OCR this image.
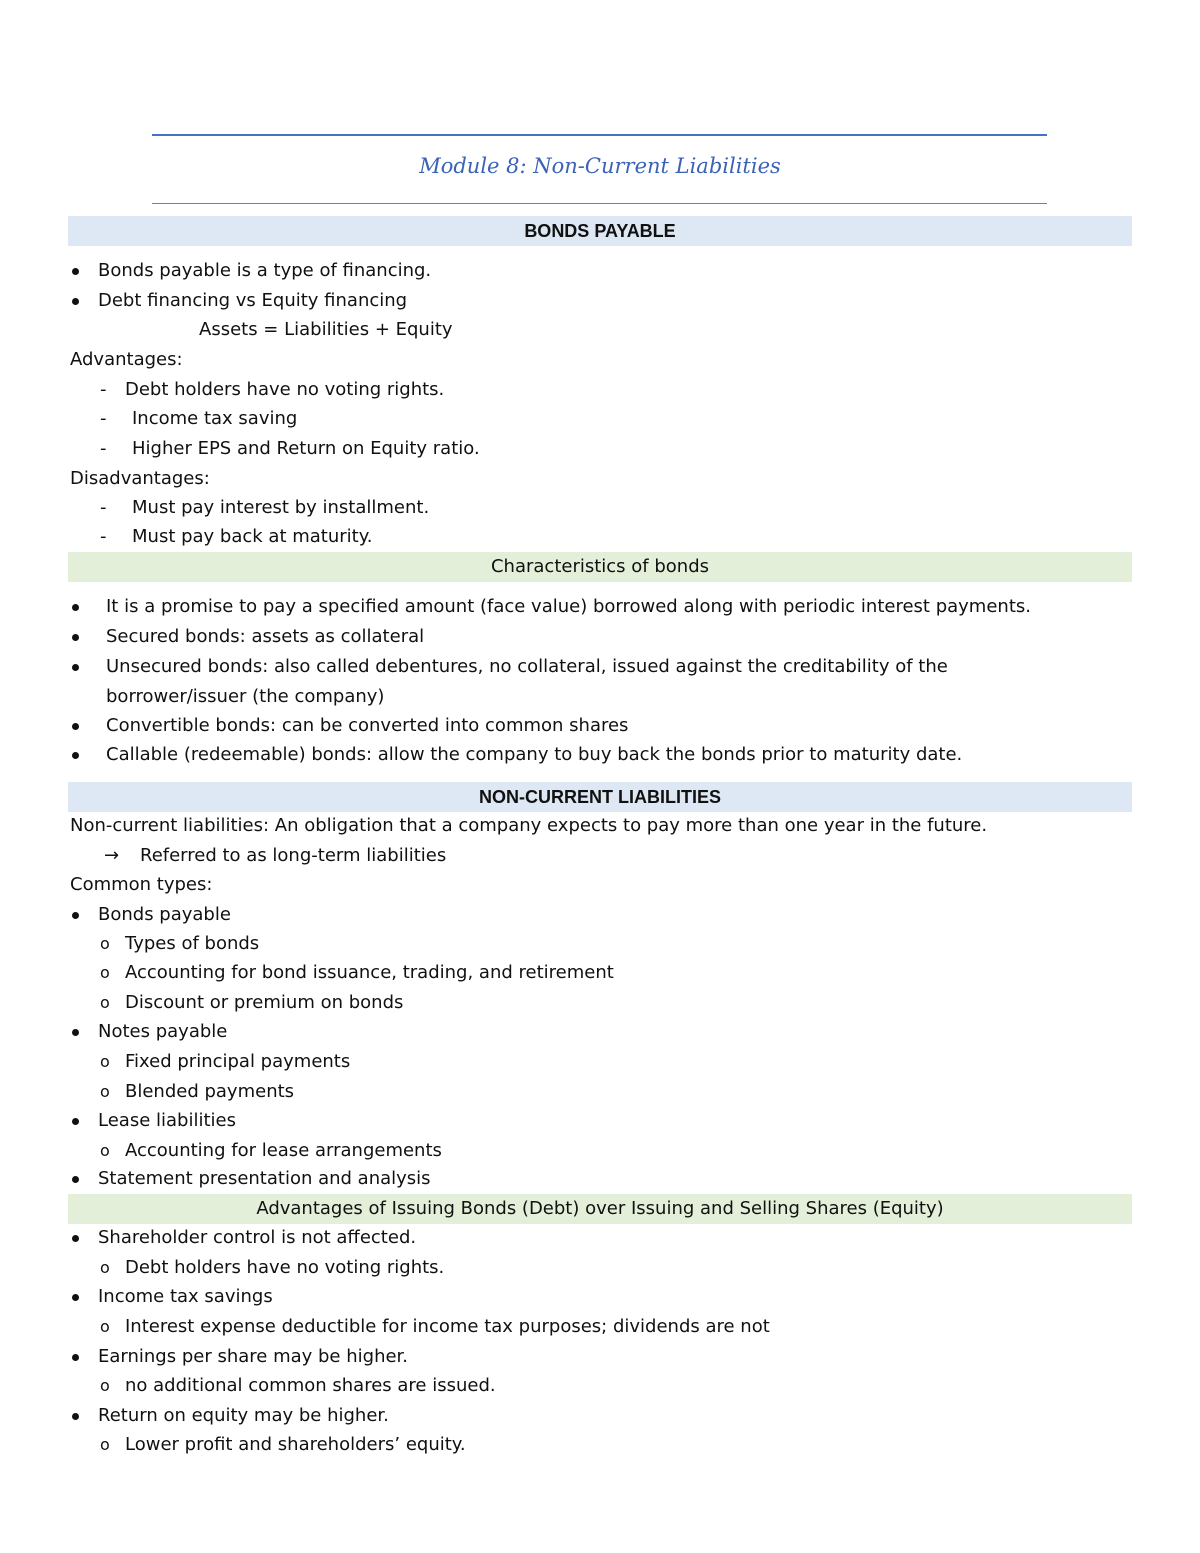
Module 8: Non-Current Liabilities
BONDS PAYABLE
Bonds payable is a type of financing.
Debt financing vs Equity financing
Assets = Liabilities + Equity
Advantages:
- Debt holders have no voting rights.
- Income tax saving
- Higher EPS and Return on Equity ratio.
Disadvantages:
- Must pay interest by installment.
- Must pay back at maturity.
Characteristics of bonds
It is a promise to pay a specified amount (face value) borrowed along with periodic interest payments.
Secured bonds: assets as collateral
Unsecured bonds: also called debentures, no collateral, issued against the creditability of the
borrower/issuer (the company)
Convertible bonds: can be converted into common shares
Callable (redeemable) bonds: allow the company to buy back the bonds prior to maturity date.
NON-CURRENT LIABILITIES
Non-current liabilities: An obligation that a company expects to pay more than one year in the future.
→ Referred to as long-term liabilities
Common types:
Bonds payable
o Types of bonds
o Accounting for bond issuance, trading, and retirement
o Discount or premium on bonds
Notes payable
o Fixed principal payments
o Blended payments
Lease liabilities
o Accounting for lease arrangements
Statement presentation and analysis
Advantages of Issuing Bonds (Debt) over Issuing and Selling Shares (Equity)
Shareholder control is not affected.
o Debt holders have no voting rights.
Income tax savings
o Interest expense deductible for income tax purposes; dividends are not
Earnings per share may be higher.
o no additional common shares are issued.
Return on equity may be higher.
o Lower profit and shareholders’ equity.
